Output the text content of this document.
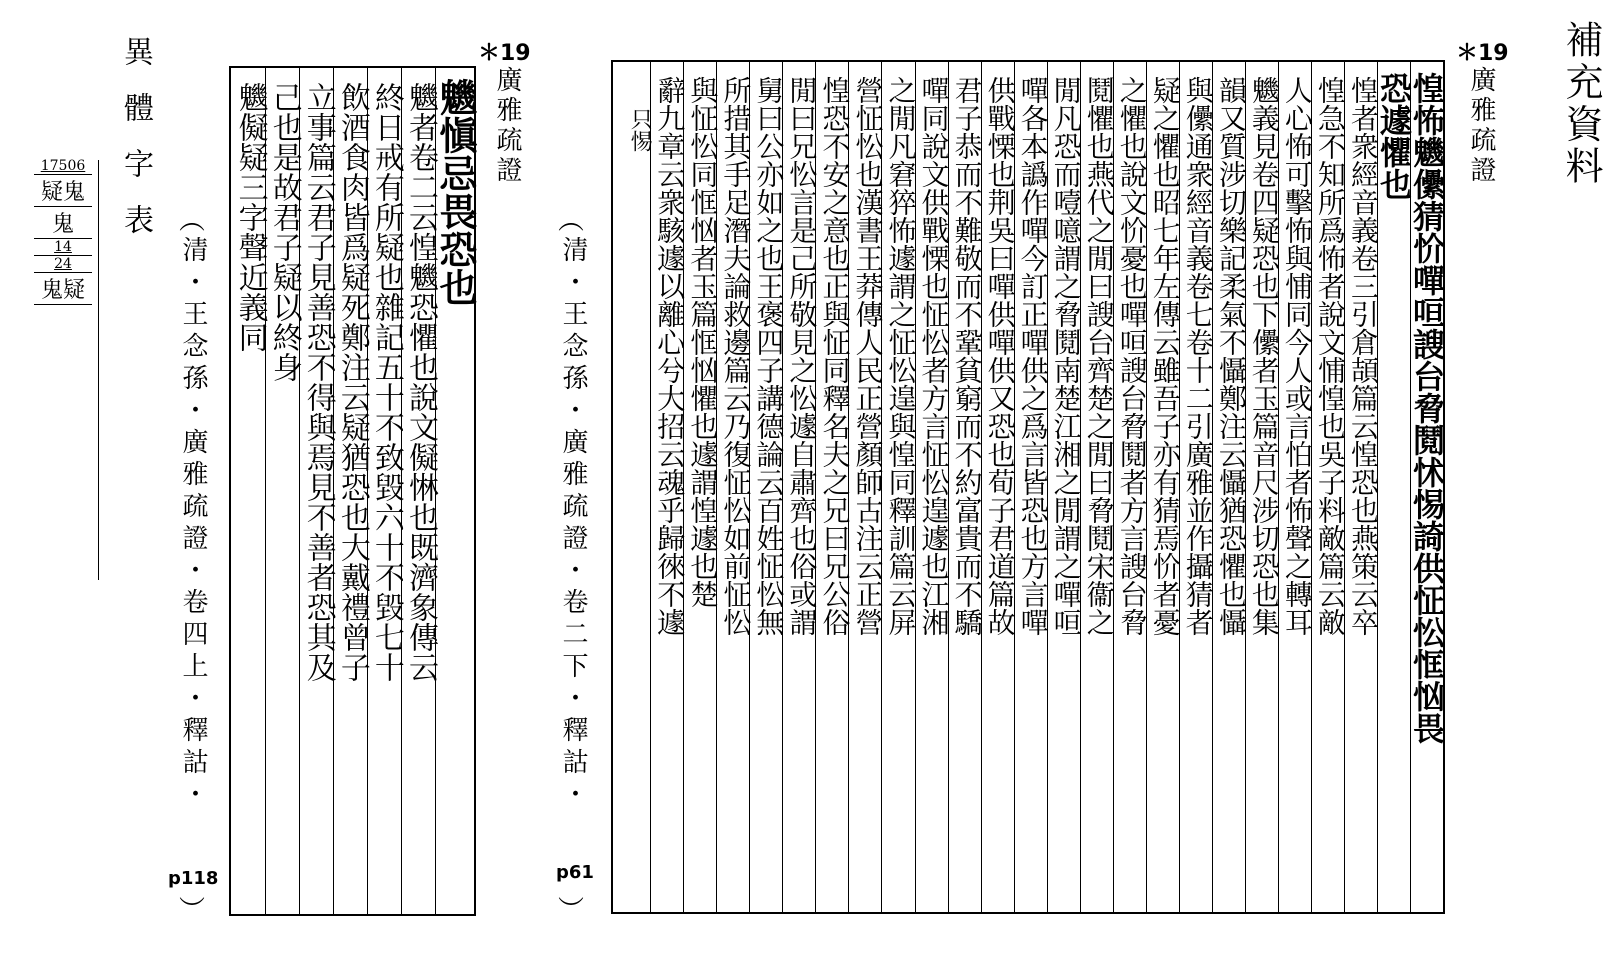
補充資料
異體字表
17506
疑鬼
鬼
14
24
鬼疑
＊19
廣雅疏證
︵
清・王念孫・廣雅疏證・卷四上・釋詁・
p118
︶
魕愼忌畏恐也
魕者卷二云惶魕恐懼也說文儗惏也既濟象傳云
終日戒有所疑也雜記五十不致毀六十不毀七十
飲酒食肉皆爲疑死鄭注云疑猶恐也大戴禮曾子
立事篇云君子見善恐不得與焉見不善者恐其及
己也是故君子疑以終身
魕儗疑三字聲近義同
＊19
廣雅疏證
︵
清・王念孫・廣雅疏證・卷二下・釋詁・
p61
︶
惶怖魕儽猜忦嘽咺謏台脅鬩怵惕䛴供怔忪恇忷畏
恐遽懼也
惶者衆經音義卷三引倉頡篇云惶恐也燕策云卒
惶急不知所爲怖者說文悑惶也吳子料敵篇云敵
人心怖可擊怖與悑同今人或言怕者怖聲之轉耳
魕義見卷四疑恐也下儽者玉篇音尺涉切恐也集
韻又質涉切樂記柔氣不懾鄭注云懾猶恐懼也懾
與儽通衆經音義卷七卷十二引廣雅並作攝猜者
疑之懼也昭七年左傳云雖吾子亦有猜焉忦者憂
之懼也說文忦憂也嘽咺謏台脅鬩者方言謏台脅
鬩懼也燕代之閒曰謏台齊楚之閒曰脅鬩宋衞之
閒凡恐而噎噫謂之脅鬩南楚江湘之閒謂之嘽咺
嘽各本譌作嘽今訂正嘽供之爲言皆恐也方言嘽
供戰慄也荆吳曰嘽供嘽供又恐也荀子君道篇故
君子恭而不難敬而不鞏貧窮而不約富貴而不驕
嘽同說文供戰慄也怔忪者方言怔忪遑遽也江湘
之閒凡窘猝怖遽謂之怔忪遑與惶同釋訓篇云屏
營怔忪也漢書王莽傳人民正營顏師古注云正營
惶恐不安之意也正與怔同釋名夫之兄曰兄公俗
閒曰兄忪言是己所敬見之忪遽自肅齊也俗或謂
舅曰公亦如之也王褒四子講德論云百姓怔忪無
所措其手足潛夫論救邊篇云乃復怔忪如前怔忪
與怔忪同恇忷者玉篇恇忷懼也遽謂惶遽也楚
辭九章云衆駭遽以離心兮大招云魂乎歸徠不遽
只惕
